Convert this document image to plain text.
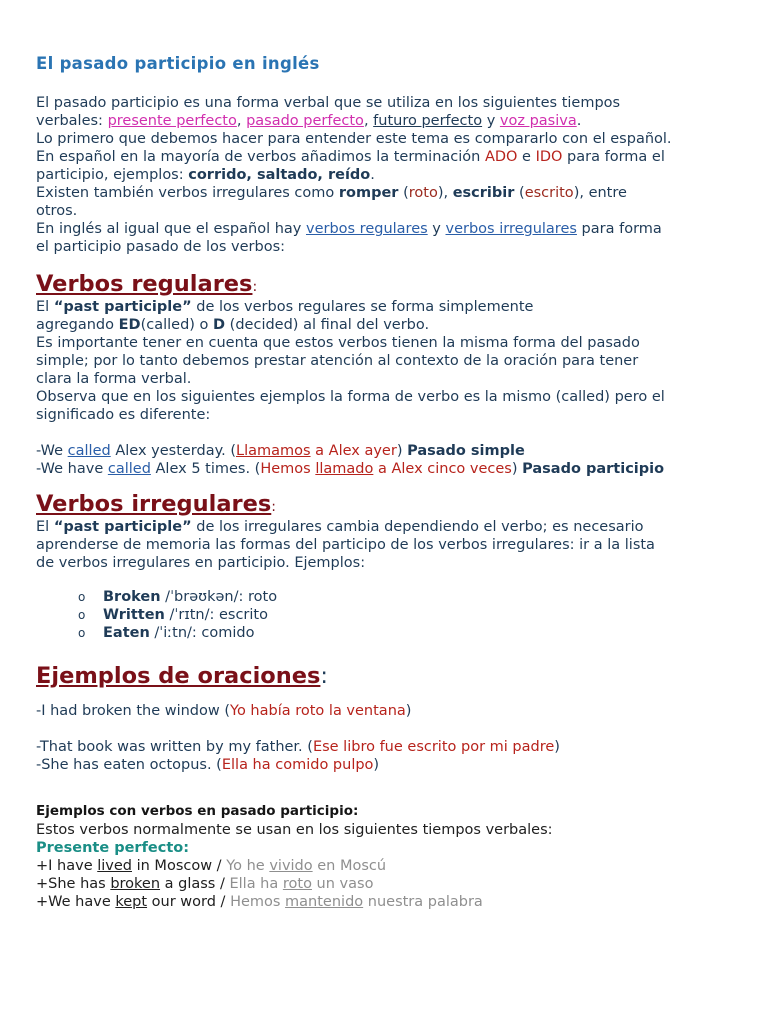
El pasado participio en inglés

El pasado participio es una forma verbal que se utiliza en los siguientes tiempos

verbales: presente perfecto, pasado perfecto, futuro perfecto y voz pasiva.

Lo primero que debemos hacer para entender este tema es compararlo con el español.

En español en la mayoría de verbos añadimos la terminación ADO e IDO para forma el

participio, ejemplos: corrido, saltado, reído.

Existen también verbos irregulares como romper (roto), escribir (escrito), entre

otros.

En inglés al igual que el español hay verbos regulares y verbos irregulares para forma

el participio pasado de los verbos:

Verbos regulares:

El “past participle” de los verbos regulares se forma simplemente

agregando ED(called) o D (decided) al final del verbo.

Es importante tener en cuenta que estos verbos tienen la misma forma del pasado

simple; por lo tanto debemos prestar atención al contexto de la oración para tener

clara la forma verbal.

Observa que en los siguientes ejemplos la forma de verbo es la mismo (called) pero el

significado es diferente:

-We called Alex yesterday. (Llamamos a Alex ayer) Pasado simple

-We have called Alex 5 times. (Hemos llamado a Alex cinco veces) Pasado participio

Verbos irregulares:

El “past participle” de los irregulares cambia dependiendo el verbo; es necesario

aprenderse de memoria las formas del participo de los verbos irregulares: ir a la lista

de verbos irregulares en participio. Ejemplos:

o Broken /ˈbrəʊkən/: roto
o Written /ˈrɪtn/: escrito
o Eaten /ˈiːtn/: comido
Ejemplos de oraciones:

-I had broken the window (Yo había roto la ventana)

-That book was written by my father. (Ese libro fue escrito por mi padre)

-She has eaten octopus. (Ella ha comido pulpo)

Ejemplos con verbos en pasado participio:

Estos verbos normalmente se usan en los siguientes tiempos verbales:

Presente perfecto:

+I have lived in Moscow / Yo he vivido en Moscú

+She has broken a glass / Ella ha roto un vaso

+We have kept our word / Hemos mantenido nuestra palabra
